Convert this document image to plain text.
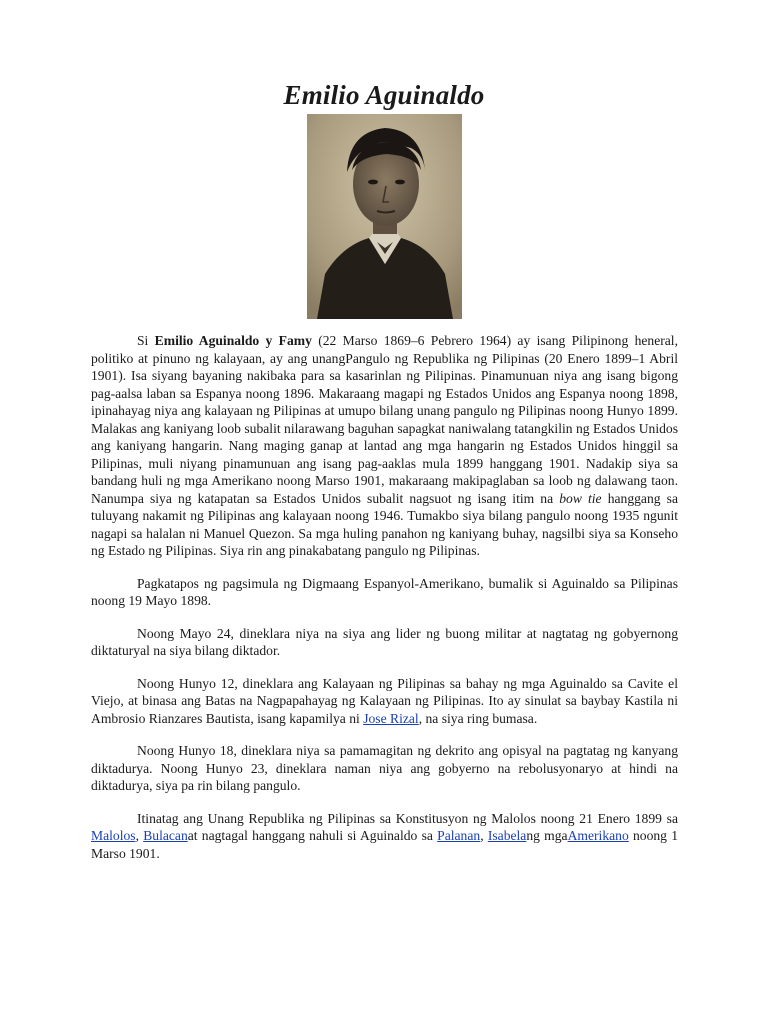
Emilio Aguinaldo

Si Emilio Aguinaldo y Famy (22 Marso 1869–6 Pebrero 1964) ay isang Pilipinong heneral, politiko at pinuno ng kalayaan, ay ang unangPangulo ng Republika ng Pilipinas (20 Enero 1899–1 Abril 1901). Isa siyang bayaning nakibaka para sa kasarinlan ng Pilipinas. Pinamunuan niya ang isang bigong pag-aalsa laban sa Espanya noong 1896. Makaraang magapi ng Estados Unidos ang Espanya noong 1898, ipinahayag niya ang kalayaan ng Pilipinas at umupo bilang unang pangulo ng Pilipinas noong Hunyo 1899. Malakas ang kaniyang loob subalit nilarawang baguhan sapagkat naniwalang tatangkilin ng Estados Unidos ang kaniyang hangarin. Nang maging ganap at lantad ang mga hangarin ng Estados Unidos hinggil sa Pilipinas, muli niyang pinamunuan ang isang pag-aaklas mula 1899 hanggang 1901. Nadakip siya sa bandang huli ng mga Amerikano noong Marso 1901, makaraang makipaglaban sa loob ng dalawang taon. Nanumpa siya ng katapatan sa Estados Unidos subalit nagsuot ng isang itim na bow tie hanggang sa tuluyang nakamit ng Pilipinas ang kalayaan noong 1946. Tumakbo siya bilang pangulo noong 1935 ngunit nagapi sa halalan ni Manuel Quezon. Sa mga huling panahon ng kaniyang buhay, nagsilbi siya sa Konseho ng Estado ng Pilipinas. Siya rin ang pinakabatang pangulo ng Pilipinas.

Pagkatapos ng pagsimula ng Digmaang Espanyol-Amerikano, bumalik si Aguinaldo sa Pilipinas noong 19 Mayo 1898.

Noong Mayo 24, dineklara niya na siya ang lider ng buong militar at nagtatag ng gobyernong diktaturyal na siya bilang diktador.

Noong Hunyo 12, dineklara ang Kalayaan ng Pilipinas sa bahay ng mga Aguinaldo sa Cavite el Viejo, at binasa ang Batas na Nagpapahayag ng Kalayaan ng Pilipinas. Ito ay sinulat sa baybay Kastila ni Ambrosio Rianzares Bautista, isang kapamilya ni Jose Rizal, na siya ring bumasa.

Noong Hunyo 18, dineklara niya sa pamamagitan ng dekrito ang opisyal na pagtatag ng kanyang diktadurya. Noong Hunyo 23, dineklara naman niya ang gobyerno na rebolusyonaryo at hindi na diktadurya, siya pa rin bilang pangulo.

Itinatag ang Unang Republika ng Pilipinas sa Konstitusyon ng Malolos noong 21 Enero 1899 sa Malolos, Bulacanat nagtagal hanggang nahuli si Aguinaldo sa Palanan, Isabelang mgaAmerikano noong 1 Marso 1901.
